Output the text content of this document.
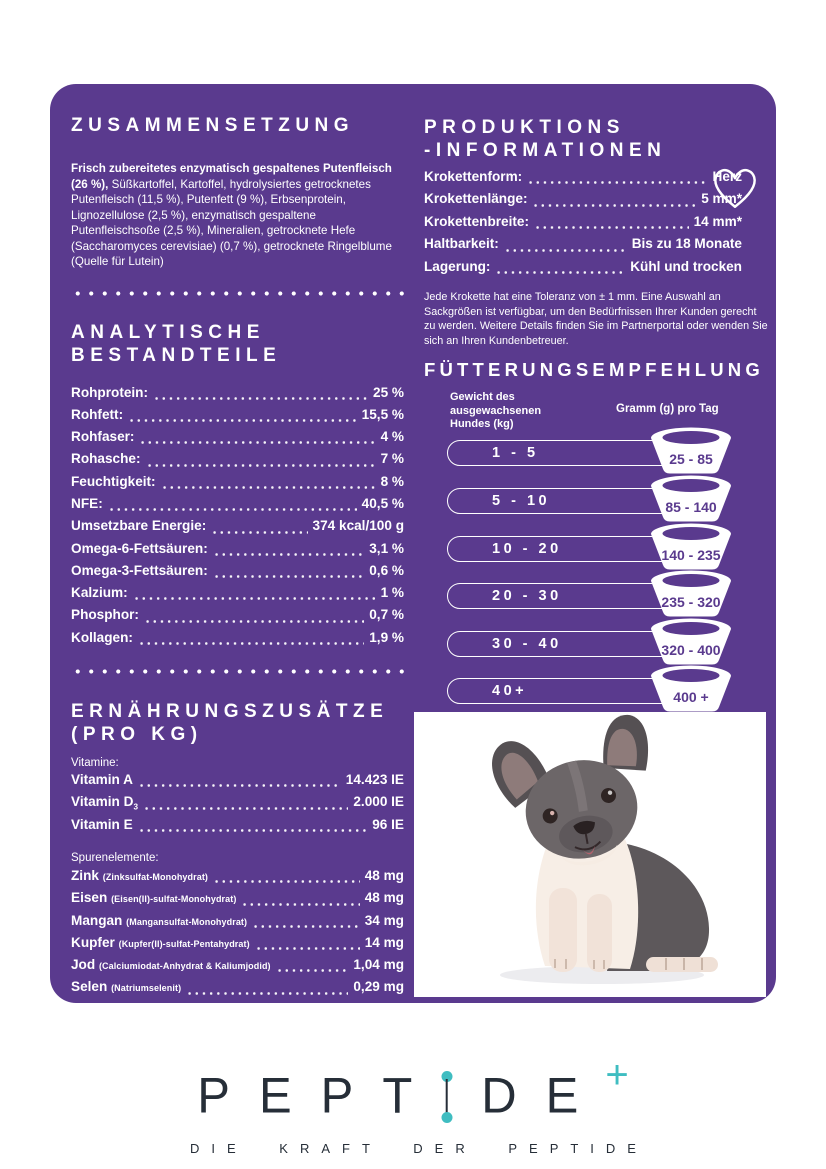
ZUSAMMENSETZUNG
Frisch zubereitetes enzymatisch gespaltenes Putenfleisch (26 %), Süßkartoffel, Kartoffel, hydrolysiertes getrocknetes Putenfleisch (11,5 %), Putenfett (9 %), Erbsenprotein, Lignozellulose (2,5 %), enzymatisch gespaltene Putenfleischsoße (2,5 %), Mineralien, getrocknete Hefe (Saccharomyces cerevisiae) (0,7 %), getrocknete Ringelblume (Quelle für Lutein)
ANALYTISCHE
BESTANDTEILE
Rohprotein:	25 %
Rohfett:	15,5 %
Rohfaser:	4 %
Rohasche:	7 %
Feuchtigkeit:	8 %
NFE:	40,5 %
Umsetzbare Energie:	374 kcal/100 g
Omega-6-Fettsäuren:	3,1 %
Omega-3-Fettsäuren:	0,6 %
Kalzium:	1 %
Phosphor:	0,7 %
Kollagen:	1,9 %
ERNÄHRUNGSZUSÄTZE
(PRO KG)
Vitamine:
Vitamin A	14.423 IE
Vitamin $D_3$	2.000 IE
Vitamin E	96 IE
Spurenelemente:
Zink (Zinksulfat-Monohydrat)	48 mg
Eisen (Eisen(II)-sulfat-Monohydrat)	48 mg
Mangan (Mangansulfat-Monohydrat)	34 mg
Kupfer (Kupfer(II)-sulfat-Pentahydrat)	14 mg
Jod (Calciumiodat-Anhydrat & Kaliumjodid)	1,04 mg
Selen (Natriumselenit)	0,29 mg
PRODUKTIONS
-INFORMATIONEN
Krokettenform:	Herz
Krokettenlänge:	5 mm*
Krokettenbreite:	14 mm*
Haltbarkeit:	Bis zu 18 Monate
Lagerung:	Kühl und trocken
Jede Krokette hat eine Toleranz von ± 1 mm. Eine Auswahl an Sackgrößen ist verfügbar, um den Bedürfnissen Ihrer Kunden gerecht zu werden. Weitere Details finden Sie im Partnerportal oder wenden Sie sich an Ihren Kundenbetreuer.
FÜTTERUNGSEMPFEHLUNG
Gewicht des ausgewachsenen Hundes (kg)
Gramm (g) pro Tag
1 - 5	25 - 85
5 - 10	85 - 140
10 - 20	140 - 235
20 - 30	235 - 320
30 - 40	320 - 400
40+	400 +
P E P T D E +
DIE KRAFT DER PEPTIDE
